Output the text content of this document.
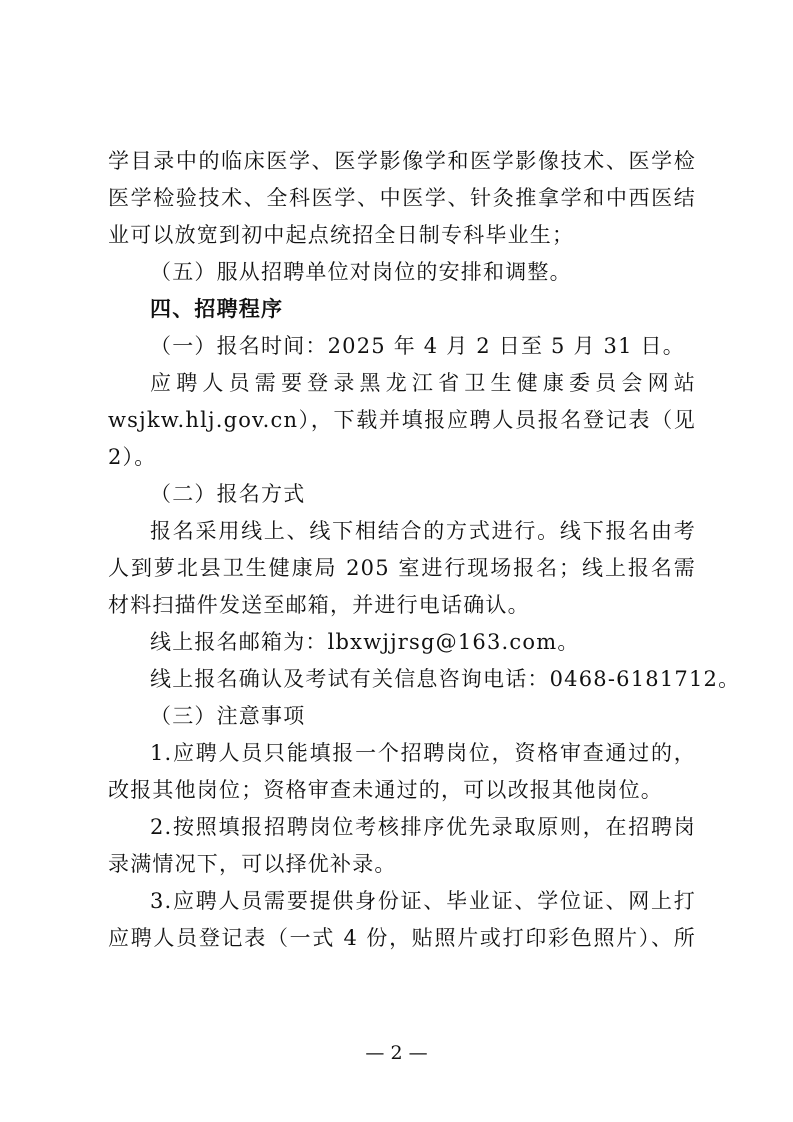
学目录中的临床医学、医学影像学和医学影像技术、医学检
医学检验技术、全科医学、中医学、针灸推拿学和中西医结
业可以放宽到初中起点统招全日制专科毕业生；
（五）服从招聘单位对岗位的安排和调整。
四、招聘程序
（一）报名时间：2025 年 4 月 2 日至 5 月 31 日。
应聘人员需要登录黑龙江省卫生健康委员会网站
wsjkw.hlj.gov.cn），下载并填报应聘人员报名登记表（见
2）。
（二）报名方式
报名采用线上、线下相结合的方式进行。线下报名由考
人到萝北县卫生健康局 205 室进行现场报名；线上报名需
材料扫描件发送至邮箱，并进行电话确认。
线上报名邮箱为：lbxwjjrsg@163.com。
线上报名确认及考试有关信息咨询电话：0468-6181712。
（三）注意事项
1.应聘人员只能填报一个招聘岗位，资格审查通过的，
改报其他岗位；资格审查未通过的，可以改报其他岗位。
2.按照填报招聘岗位考核排序优先录取原则，在招聘岗
录满情况下，可以择优补录。
3.应聘人员需要提供身份证、毕业证、学位证、网上打
应聘人员登记表（一式 4 份，贴照片或打印彩色照片）、所
— 2 —
